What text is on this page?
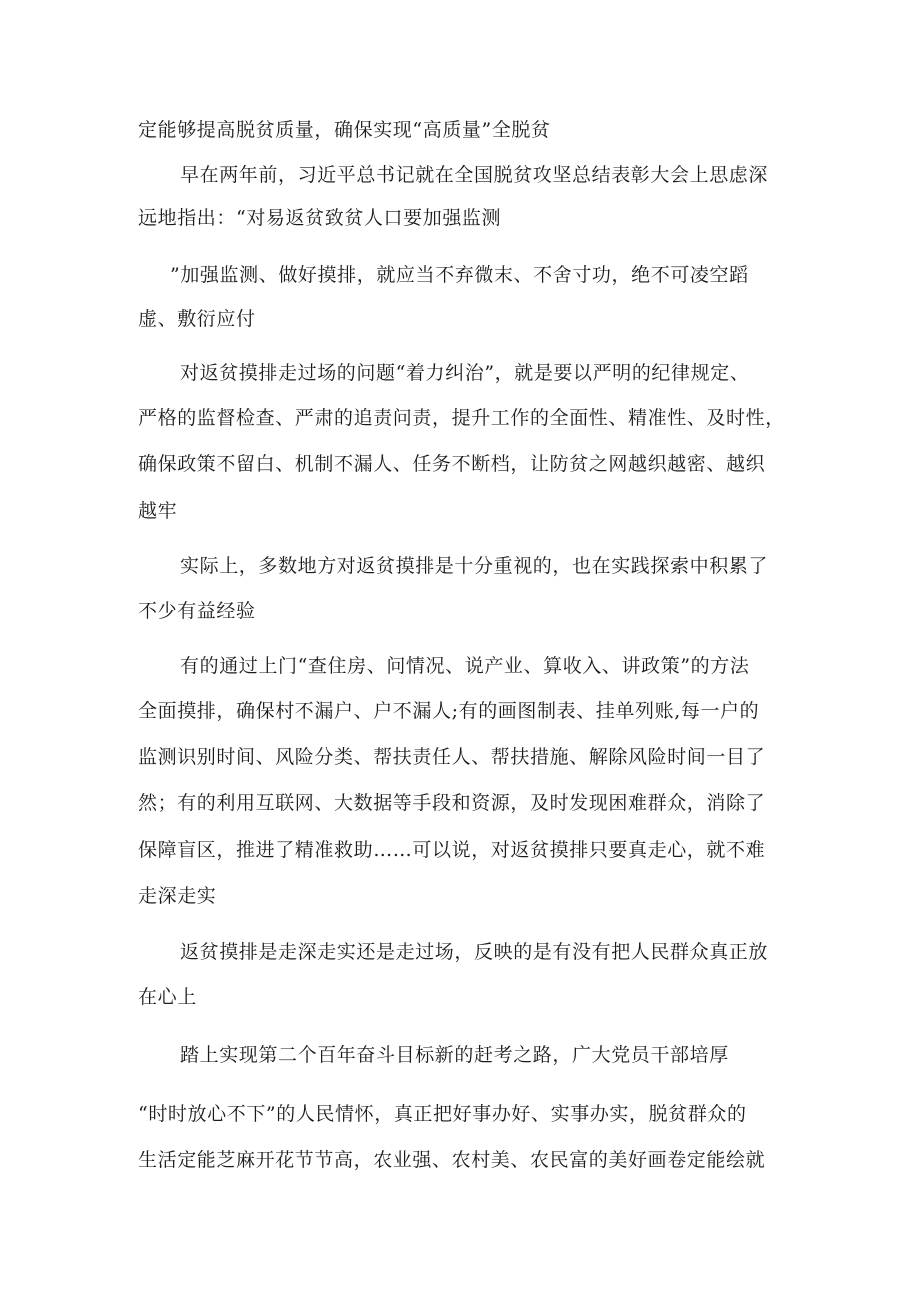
定能够提高脱贫质量，确保实现“高质量”全脱贫
早在两年前，习近平总书记就在全国脱贫攻坚总结表彰大会上思虑深
远地指出：“对易返贫致贫人口要加强监测
”加强监测、做好摸排，就应当不弃微末、不舍寸功，绝不可凌空蹈
虚、敷衍应付
对返贫摸排走过场的问题“着力纠治”，就是要以严明的纪律规定、
严格的监督检查、严肃的追责问责，提升工作的全面性、精准性、及时性，
确保政策不留白、机制不漏人、任务不断档，让防贫之网越织越密、越织
越牢
实际上，多数地方对返贫摸排是十分重视的，也在实践探索中积累了
不少有益经验
有的通过上门“查住房、问情况、说产业、算收入、讲政策”的方法
全面摸排，确保村不漏户、户不漏人;有的画图制表、挂单列账,每一户的
监测识别时间、风险分类、帮扶责任人、帮扶措施、解除风险时间一目了
然；有的利用互联网、大数据等手段和资源，及时发现困难群众，消除了
保障盲区，推进了精准救助……可以说，对返贫摸排只要真走心，就不难
走深走实
返贫摸排是走深走实还是走过场，反映的是有没有把人民群众真正放
在心上
踏上实现第二个百年奋斗目标新的赶考之路，广大党员干部培厚
“时时放心不下”的人民情怀，真正把好事办好、实事办实，脱贫群众的
生活定能芝麻开花节节高，农业强、农村美、农民富的美好画卷定能绘就
